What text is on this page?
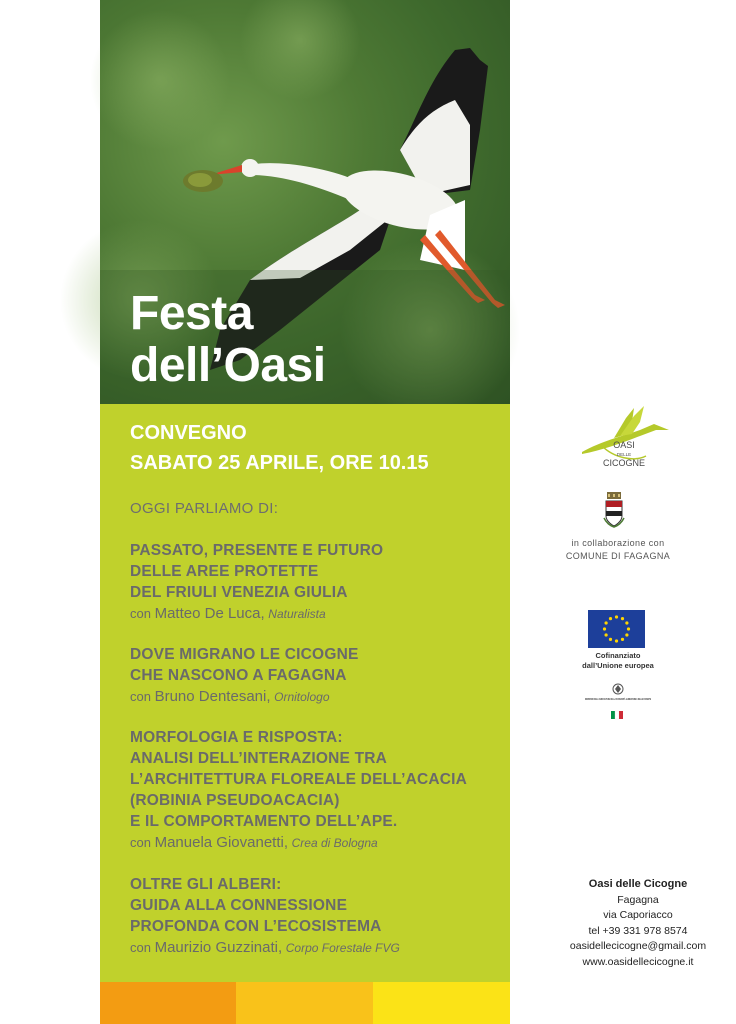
Festa
dell’Oasi
CONVEGNO
SABATO 25 APRILE, ORE 10.15
OGGI PARLIAMO DI:
PASSATO, PRESENTE E FUTURO
DELLE AREE PROTETTE
DEL FRIULI VENEZIA GIULIA
con Matteo De Luca, Naturalista
DOVE MIGRANO LE CICOGNE
CHE NASCONO A FAGAGNA
con Bruno Dentesani, Ornitologo
MORFOLOGIA E RISPOSTA:
ANALISI DELL’INTERAZIONE TRA
L’ARCHITETTURA FLOREALE DELL’ACACIA
(ROBINIA PSEUDOACACIA)
E IL COMPORTAMENTO DELL’APE.
con Manuela Giovanetti, Crea di Bologna
OLTRE GLI ALBERI:
GUIDA ALLA CONNESSIONE
PROFONDA CON L’ECOSISTEMA
con Maurizio Guzzinati, Corpo Forestale FVG
OASI
DELLE
CICOGNE
in collaborazione con
COMUNE DI FAGAGNA
Cofinanziato
dall’Unione europea
MINISTERO DELL’AGRICOLTURA DELLA SOVRANITÀ ALIMENTARE E DELLE FORESTE
Oasi delle Cicogne
Fagagna
via Caporiacco
tel +39 331 978 8574
oasidellecicogne@gmail.com
www.oasidellecicogne.it
